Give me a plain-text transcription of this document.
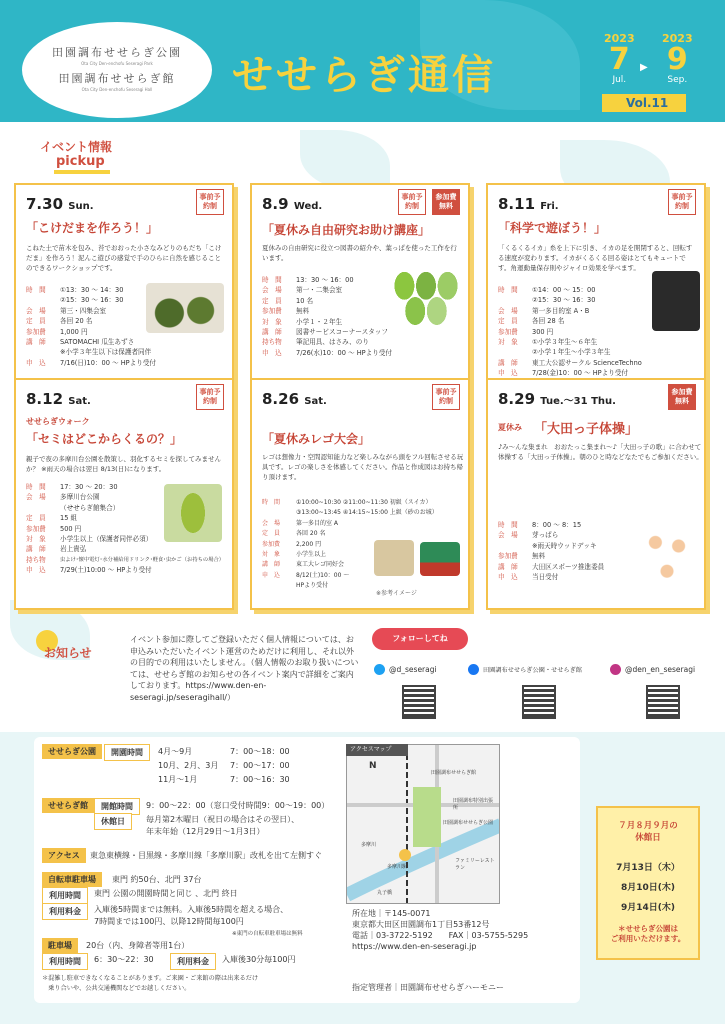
田園調布せせらぎ公園
Ota City Den-enchofu Seseragi Park
田園調布せせらぎ館
Ota City Den-enchofu Seseragi Hall せせらぎ通信
2023
7
Jul.
▶
2023
9
Sep.
Vol.11
イベント情報
pickup
7.30 Sun.
事前予約制
「こけだまを作ろう！」
こねた土で苗木を包み、苔でおおった小さなみどりのもだち「こけだま」を作ろう！泥んこ遊びの感覚で手のひらに自然を感じることのできるワークショップです。
時　間	①13：30 ～ 14：30
②15：30 ～ 16：30
会　場	第三・四集会室
定　員	各回 20 名
参加費	1,000 円
講　師	SATOMACHI 瓜生あずさ
※小学３年生以下は保護者同伴
申　込	7/16(日)10：00 ～ HPより受付
8.9 Wed.
事前予約制
参加費無料
「夏休み自由研究お助け講座」
夏休みの自由研究に役立つ図書の紹介や、葉っぱを使った工作を行います。
時　間	13：30 ～ 16：00
会　場	第一・二集会室
定　員	10 名
参加費	無料
対　象	小学１・２年生
講　師	図書サービスコーナースタッフ
持ち物	筆記用具、はさみ、のり
申　込	7/26(水)10：00 ～ HPより受付
8.11 Fri.
事前予約制
「科学で遊ぼう！」
「くるくるイカ」糸を上下に引き、イカの足を開閉すると、回転する速度が変わります。イカがくるくる回る姿はとてもキュートです。角運動量保存則やジャイロ効果を学べます。
時　間	①14：00 ～ 15：00
②15：30 ～ 16：30
会　場	第一多目的室 A・B
定　員	各回 28 名
参加費	300 円
対　象	①小学３年生～６年生
②小学１年生～小学３年生
講　師	東工大公認サークル ScienceTechno
申　込	7/28(金)10：00 ～ HPより受付
8.12 Sat.
事前予約制
せせらぎウォーク
「セミはどこからくるの？」
親子で夜の多摩川台公園を散策し、羽化するセミを探してみませんか？ ※雨天の場合は翌日 8/13(日)になります。
時　間	17：30 ～ 20：30
会　場	多摩川台公園
（せせらぎ館集合）
定　員	15 組
参加費	500 円
対　象	小学生以上（保護者同伴必須）
講　師	岩上貴弘
持ち物	虫よけ･懐中電灯･水分補給用ドリンク･軽食･虫かご（お持ちの場合）
申　込	7/29(土)10:00 ～ HPより受付
8.26 Sat.
事前予約制
「夏休みレゴ大会」
レゴは想像力・空間認知能力など楽しみながら頭をフル回転させる玩具です。レゴの楽しさを体感してください。作品と作成図はお持ち帰り頂けます。
時　間	①10:00~10:30 ②11:00~11:30 初級（スイカ）
③13:00~13:45 ④14:15~15:00 上級（砂のお城）
会　場	第一多目的室 A
定　員	各回 20 名
参加費	2,200 円
対　象	小学生以上
講　師	東工大レゴ同好会
申　込	8/12(土)10：00 ～
HPより受付
※参考イメージ
8.29 Tue.～31 Thu.
参加費無料
夏休み 「大田っ子体操」
♪み～んな集まれ　おおたっこ集まれ～♪「大田っ子の歌」に合わせて体操する「大田っ子体操」。朝のひと時などなたでもご参加ください。
時　間	8：00 ～ 8：15
会　場	芽っぱら
※雨天時ウッドデッキ
参加費	無料
講　師	大田区スポーツ推進委員
申　込	当日受付
お知らせ
イベント参加に際してご登録いただく個人情報については、お申込みいただいたイベント運営のためだけに利用し、それ以外の目的での利用はいたしません。（個人情報のお取り扱いについては、せせらぎ館のお知らせの各イベント案内で詳細をご案内しております。https://www.den-en-seseragi.jp/seseragihall/）
フォローしてね
@d_seseragi	田園調布せせらぎ公園・せせらぎ館	@den_en_seseragi
せせらぎ公園	開園時間	4月～9月	7：00～18：00
10月、2月、3月 7：00～17：00
11月～1月	7：00～16：30
せせらぎ館	開館時間	9：00～22：00（窓口受付時間9：00～19：00）
休館日	毎月第2木曜日（祝日の場合はその翌日）、
年末年始（12月29日～1月3日）
アクセス	東急東横線・目黒線・多摩川線「多摩川駅」改札を出て左側すぐ
自転車駐車場	東門 約50台、北門 37台
利用時間	東門 公園の開園時間と同じ 、北門 終日
利用料金	入庫後5時間までは無料。入庫後5時間を超える場合、
7時間までは100円、以降12時間毎100円
※東門の自転車駐車場は無料
駐車場	20台（内、身障者等用1台）
利用時間	6：30～22：30	利用料金	入庫後30分毎100円
＊混雑し駐車できなくなることがあります。ご来園・ご来館の際は出来るだけ
　乗り合いや、公共交通機関などでお越しください。
田園調布せせらぎ館
田園調布せせらぎ公園
多摩川駅
多摩川
丸子橋
ファミリーレストラン
田園調布特別出張所
N
アクセスマップ
所在地｜〒145-0071
東京都大田区田園調布1丁目53番12号
電話｜03-3722-5192　　FAX｜03-5755-5295
https://www.den-en-seseragi.jp
指定管理者｜田園調布せせらぎハーモニー
７月８月９月の
休館日
7月13日（木）
8月10日(木)
9月14日(木)
＊せせらぎ公園は
ご利用いただけます。
